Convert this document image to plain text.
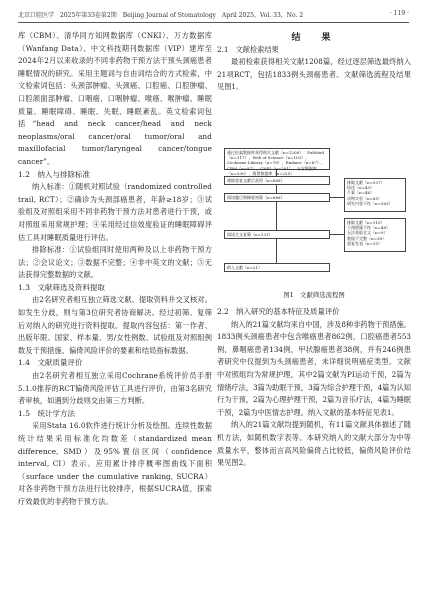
北京口腔医学　2025年第33卷第2期　Beijing Journal of Stomatology　April 2025，Vol. 33，No. 2	· 119 ·

库（CBM）、清华同方知网数据库（CNKI）、万方数据库（Wanfang Data）、中文科技期刊数据库（VIP）建库至2024年2月以来收录的不同非药物干预方法干预头颈癌患者睡眠情况的研究。采用主题词与自由词结合的方式检索，中文检索词包括：头颈部肿瘤、头颈癌、口腔癌、口腔肿瘤、口腔颌面部肿瘤、口咽癌、口咽肿瘤、喉癌、喉肿瘤、睡眠质量、睡眠障碍、睡眠、失眠、睡眠紊乱。英文检索词包括“head and neck cancer/head and neck neoplasms/oral cancer/oral tumor/oral and maxillofacial tumor/laryngeal cancer/tongue cancer”。

1.2　纳入与排除标准

纳入标准：①随机对照试验（randomized controlled trail, RCT）；②确诊为头颈部癌患者，年龄≥18岁；③试验组及对照组采用不同非药物干预方法对患者进行干预，或对照组采用常规护理；④采用经过信效度验证的睡眠障碍评估工具对睡眠质量进行评估。

排除标准：①试验组同时使用两种及以上非药物干预方法；②会议论文；③数据不完整；④非中英文的文献；⑤无法获得完整数据的文献。

1.3　文献筛选及资料提取

由2名研究者相互独立筛选文献、提取资料并交叉核对。如发生分歧，则与第3位研究者协商解决。经过初筛、复筛后对纳入的研究进行资料提取。提取内容包括：第一作者、出版年限、国家、样本量、男/女性例数、试验组及对照组例数及干预措施、偏倚风险评价的要素和结局指标数据。

1.4　文献质量评价

由2名研究者相互独立采用Cochrane系统评价员手册5.1.0推荐的RCT偏倚风险评估工具进行评价，由第3名研究者审核，如遇到分歧则交由第三方判断。

1.5　统计学方法

采用Stata 16.0软件进行统计分析及绘图。连续性数据统计结果采用标准化均数差（standardized mean difference, SMD）及95%置信区间（confidence interval, CI）表示。应用累计排序概率图曲线下面积（surface under the cumulative ranking, SUCRA）对各非药物干预方法进行比较排序，根据SUCRA值，探索疗效最优的非药物干预方法。

结　果
2.1　文献检索结果
最初检索获得相关文献1208篇，经过逐层筛选最终纳入21项RCT，包括1833例头颈癌患者。文献筛选流程及结果见图1。
通过检索数据库获得相关文献（n=1208）：PubMed（n=117）、Web of Science（n=103）、Cochrane Library（n=78）、Embase（n=67）、CBM（n=87）、CNKI（n=201）、万方数据库（n=330）、维普数据库（n=225）
剔除重复文献后获得（n=668）
阅读题目和摘要初筛（n=668）
排除文献（n=537）
综述（n=43）
个案（n=46）
动物实验（n=85）
研究内容不符（n=363）
阅读全文复筛（n=131）
排除文献（n=110）
干预措施不符（n=48）
无法获取全文（n=9）
数据不完整（n=38）
重复发表（n=15）
纳入文献（n=21）
图1　文献筛选流程图
2.2　纳入研究的基本特征及质量评价

纳入的21篇文献均来自中国，涉及8种非药物干预措施。1833例头颈癌患者中包含喉癌患者862例，口腔癌患者553例，鼻咽癌患者134例，甲状腺癌患者38例，并有246例患者研究中仅提到为头颈癌患者，未详细说明癌症类型。文献中对照组均为常规护理，其中2篇文献为PI运动干预，2篇为情绪疗法，3篇为助眠干预，3篇为综合护理干预，4篇为认知行为干预，2篇为心理护理干预，2篇为音乐疗法，4篇为睡眠干预，2篇为中医情志护理。纳入文献的基本特征见表1。

纳入的21篇文献均提到随机，有11篇文献具体描述了随机方法，如随机数字表等。本研究纳入的文献大部分为中等质量水平，整体而言高风险偏倚占比较低，偏倚风险评价结果见图2。
